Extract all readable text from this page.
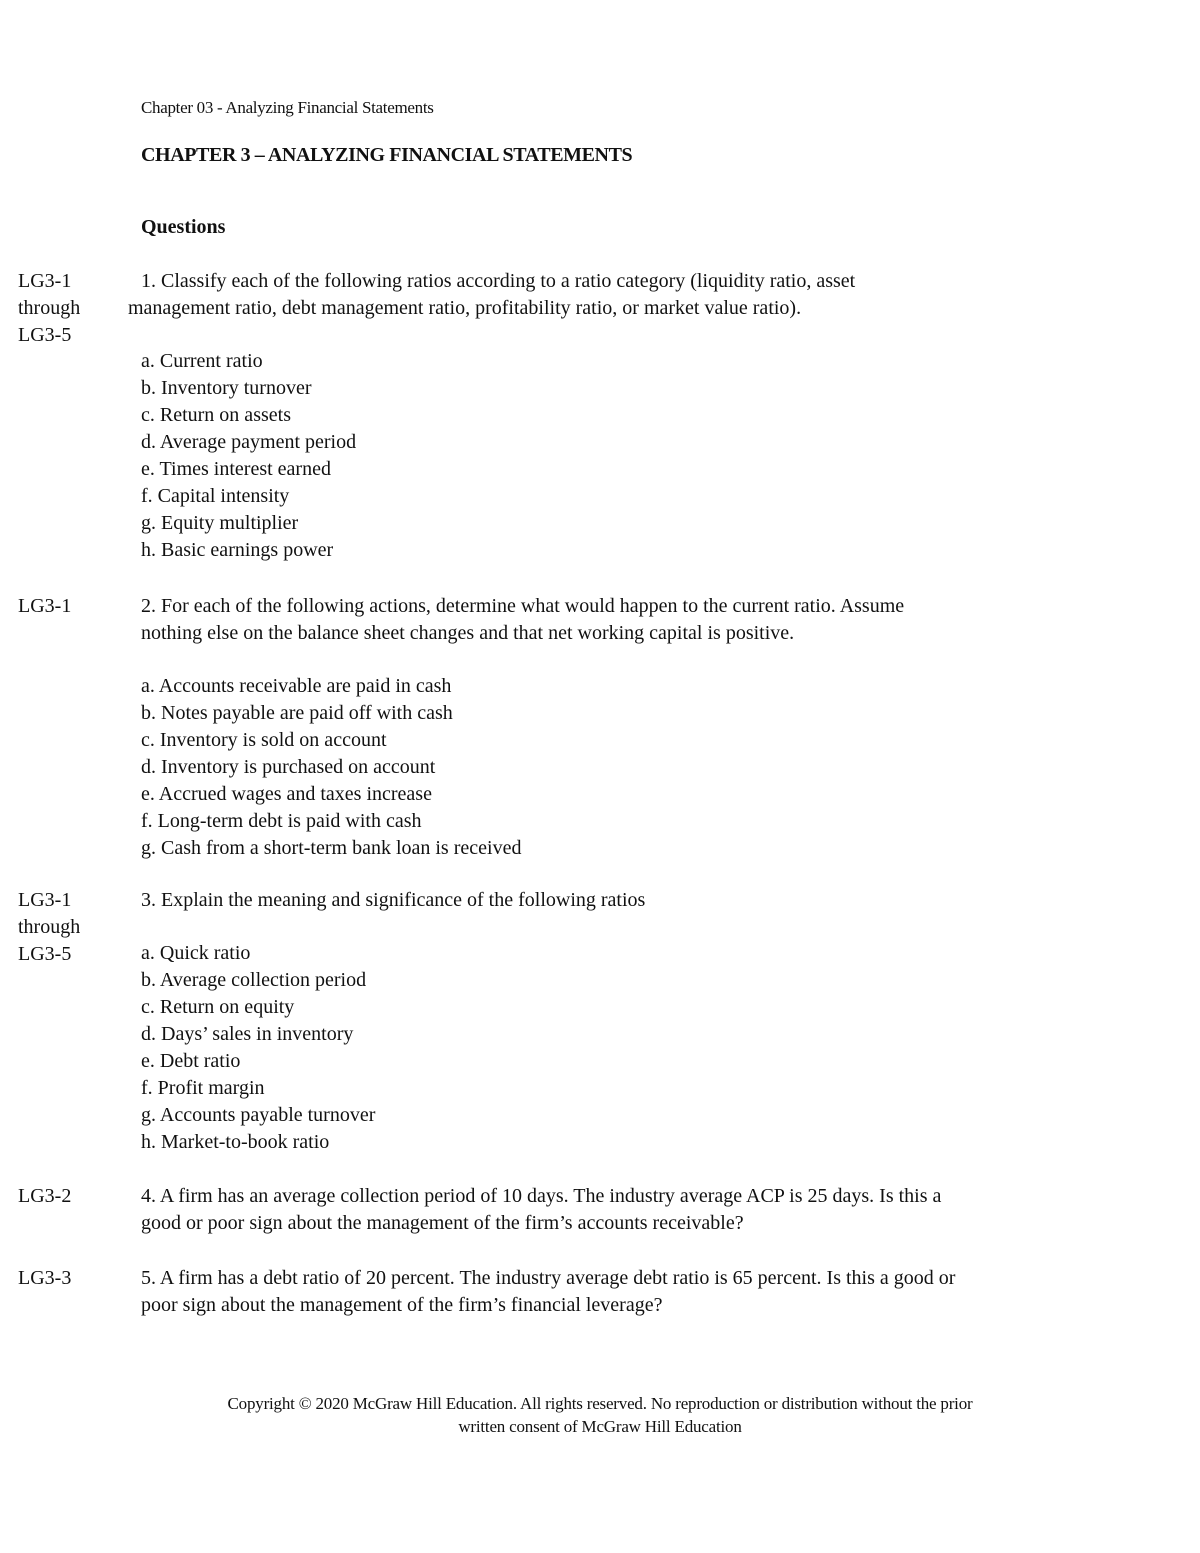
Chapter 03 - Analyzing Financial Statements
CHAPTER 3 – ANALYZING FINANCIAL STATEMENTS
Questions
LG3-1
through
LG3-5
1. Classify each of the following ratios according to a ratio category (liquidity ratio, asset
management ratio, debt management ratio, profitability ratio, or market value ratio).
a. Current ratio
b. Inventory turnover
c. Return on assets
d. Average payment period
e. Times interest earned
f. Capital intensity
g. Equity multiplier
h. Basic earnings power
LG3-1	2. For each of the following actions, determine what would happen to the current ratio. Assume
nothing else on the balance sheet changes and that net working capital is positive.
a. Accounts receivable are paid in cash
b. Notes payable are paid off with cash
c. Inventory is sold on account
d. Inventory is purchased on account
e. Accrued wages and taxes increase
f. Long-term debt is paid with cash
g. Cash from a short-term bank loan is received
LG3-1
through
LG3-5
3. Explain the meaning and significance of the following ratios
a. Quick ratio
b. Average collection period
c. Return on equity
d. Days’ sales in inventory
e. Debt ratio
f. Profit margin
g. Accounts payable turnover
h. Market-to-book ratio
LG3-2	4. A firm has an average collection period of 10 days. The industry average ACP is 25 days. Is this a
good or poor sign about the management of the firm’s accounts receivable?
LG3-3	5. A firm has a debt ratio of 20 percent. The industry average debt ratio is 65 percent. Is this a good or
poor sign about the management of the firm’s financial leverage?
Copyright © 2020 McGraw Hill Education. All rights reserved. No reproduction or distribution without the prior
written consent of McGraw Hill Education
